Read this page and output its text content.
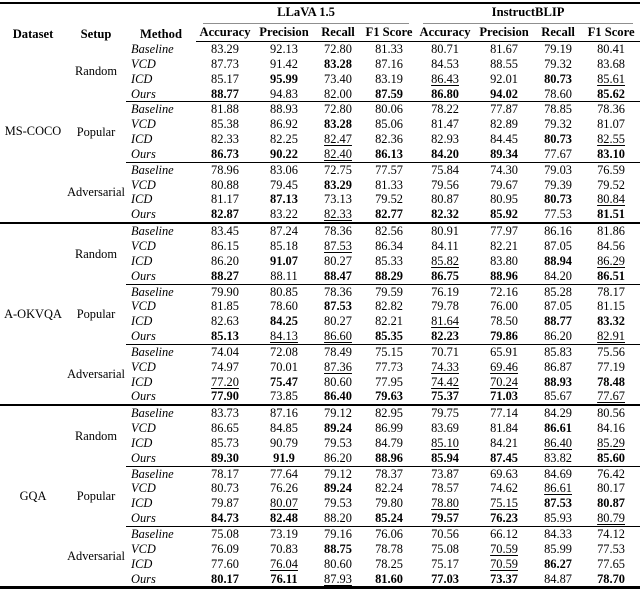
Dataset	Setup	Method	LLaVA 1.5				InstructBLIP			

			Accuracy	Precision	Recall	F1 Score	Accuracy	Precision	Recall	F1 Score
MS-COCO	Random	Baseline	83.29	92.13	72.80	81.33	80.71	81.67	79.19	80.41
		VCD	87.73	91.42	83.28	87.16	84.53	88.55	79.32	83.68
		ICD	85.17	95.99	73.40	83.19	86.43	92.01	80.73	85.61
		Ours	88.77	94.83	82.00	87.59	86.80	94.02	78.60	85.62
	Popular	Baseline	81.88	88.93	72.80	80.06	78.22	77.87	78.85	78.36
		VCD	85.38	86.92	83.28	85.06	81.47	82.89	79.32	81.07
		ICD	82.33	82.25	82.47	82.36	82.93	84.45	80.73	82.55
		Ours	86.73	90.22	82.40	86.13	84.20	89.34	77.67	83.10
	Adversarial	Baseline	78.96	83.06	72.75	77.57	75.84	74.30	79.03	76.59
		VCD	80.88	79.45	83.29	81.33	79.56	79.67	79.39	79.52
		ICD	81.17	87.13	73.13	79.52	80.87	80.95	80.73	80.84
		Ours	82.87	83.22	82.33	82.77	82.32	85.92	77.53	81.51
A-OKVQA	Random	Baseline	83.45	87.24	78.36	82.56	80.91	77.97	86.16	81.86
		VCD	86.15	85.18	87.53	86.34	84.11	82.21	87.05	84.56
		ICD	86.20	91.07	80.27	85.33	85.82	83.80	88.94	86.29
		Ours	88.27	88.11	88.47	88.29	86.75	88.96	84.20	86.51
	Popular	Baseline	79.90	80.85	78.36	79.59	76.19	72.16	85.28	78.17
		VCD	81.85	78.60	87.53	82.82	79.78	76.00	87.05	81.15
		ICD	82.63	84.25	80.27	82.21	81.64	78.50	88.77	83.32
		Ours	85.13	84.13	86.60	85.35	82.23	79.86	86.20	82.91
	Adversarial	Baseline	74.04	72.08	78.49	75.15	70.71	65.91	85.83	75.56
		VCD	74.97	70.01	87.36	77.73	74.33	69.46	86.87	77.19
		ICD	77.20	75.47	80.60	77.95	74.42	70.24	88.93	78.48
		Ours	77.90	73.85	86.40	79.63	75.37	71.03	85.67	77.67
GQA	Random	Baseline	83.73	87.16	79.12	82.95	79.75	77.14	84.29	80.56
		VCD	86.65	84.85	89.24	86.99	83.69	81.84	86.61	84.16
		ICD	85.73	90.79	79.53	84.79	85.10	84.21	86.40	85.29
		Ours	89.30	91.9	86.20	88.96	85.94	87.45	83.82	85.60
	Popular	Baseline	78.17	77.64	79.12	78.37	73.87	69.63	84.69	76.42
		VCD	80.73	76.26	89.24	82.24	78.57	74.62	86.61	80.17
		ICD	79.87	80.07	79.53	79.80	78.80	75.15	87.53	80.87
		Ours	84.73	82.48	88.20	85.24	79.57	76.23	85.93	80.79
	Adversarial	Baseline	75.08	73.19	79.16	76.06	70.56	66.12	84.33	74.12
		VCD	76.09	70.83	88.75	78.78	75.08	70.59	85.99	77.53
		ICD	77.60	76.04	80.60	78.25	75.17	70.59	86.27	77.65
		Ours	80.17	76.11	87.93	81.60	77.03	73.37	84.87	78.70
